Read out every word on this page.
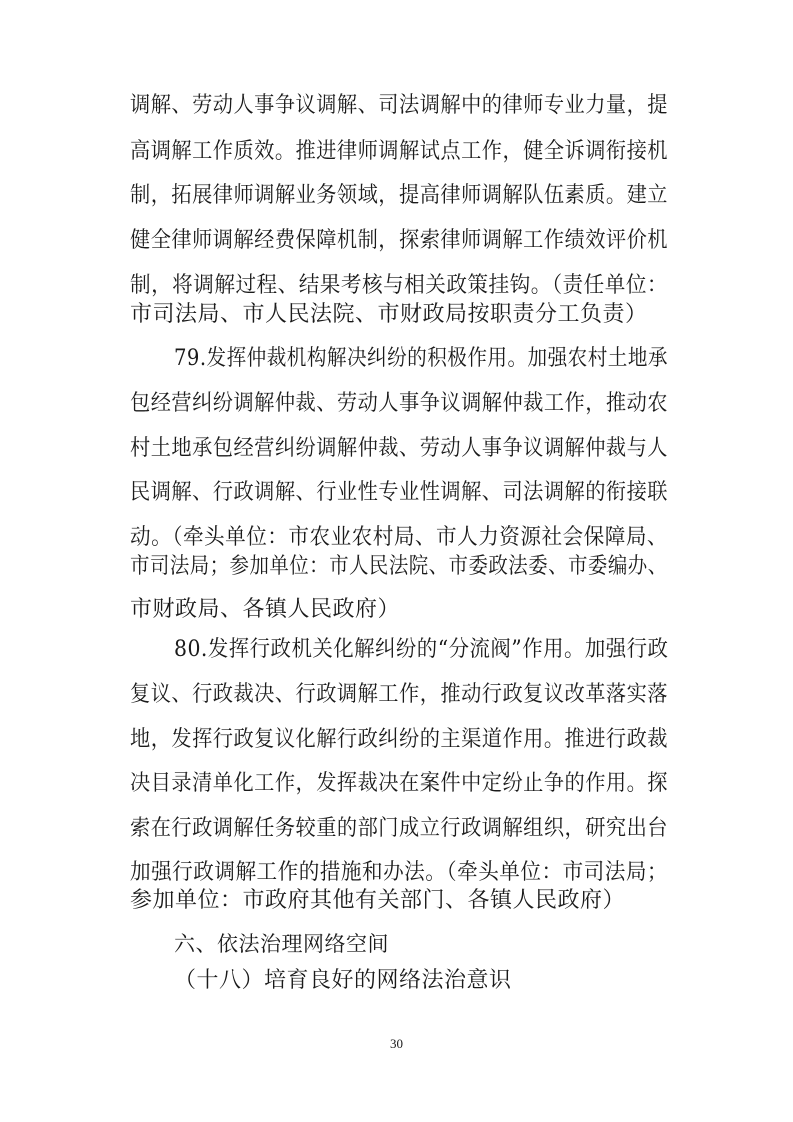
调解、劳动人事争议调解、司法调解中的律师专业力量，提
高调解工作质效。推进律师调解试点工作，健全诉调衔接机
制，拓展律师调解业务领域，提高律师调解队伍素质。建立
健全律师调解经费保障机制，探索律师调解工作绩效评价机
制，将调解过程、结果考核与相关政策挂钩。（责任单位：
市司法局、市人民法院、市财政局按职责分工负责）
79.发挥仲裁机构解决纠纷的积极作用。加强农村土地承
包经营纠纷调解仲裁、劳动人事争议调解仲裁工作，推动农
村土地承包经营纠纷调解仲裁、劳动人事争议调解仲裁与人
民调解、行政调解、行业性专业性调解、司法调解的衔接联
动。（牵头单位：市农业农村局、市人力资源社会保障局、
市司法局；参加单位：市人民法院、市委政法委、市委编办、
市财政局、各镇人民政府）
80.发挥行政机关化解纠纷的“分流阀”作用。加强行政
复议、行政裁决、行政调解工作，推动行政复议改革落实落
地，发挥行政复议化解行政纠纷的主渠道作用。推进行政裁
决目录清单化工作，发挥裁决在案件中定纷止争的作用。探
索在行政调解任务较重的部门成立行政调解组织，研究出台
加强行政调解工作的措施和办法。（牵头单位：市司法局；
参加单位：市政府其他有关部门、各镇人民政府）
六、依法治理网络空间
（十八）培育良好的网络法治意识
30
